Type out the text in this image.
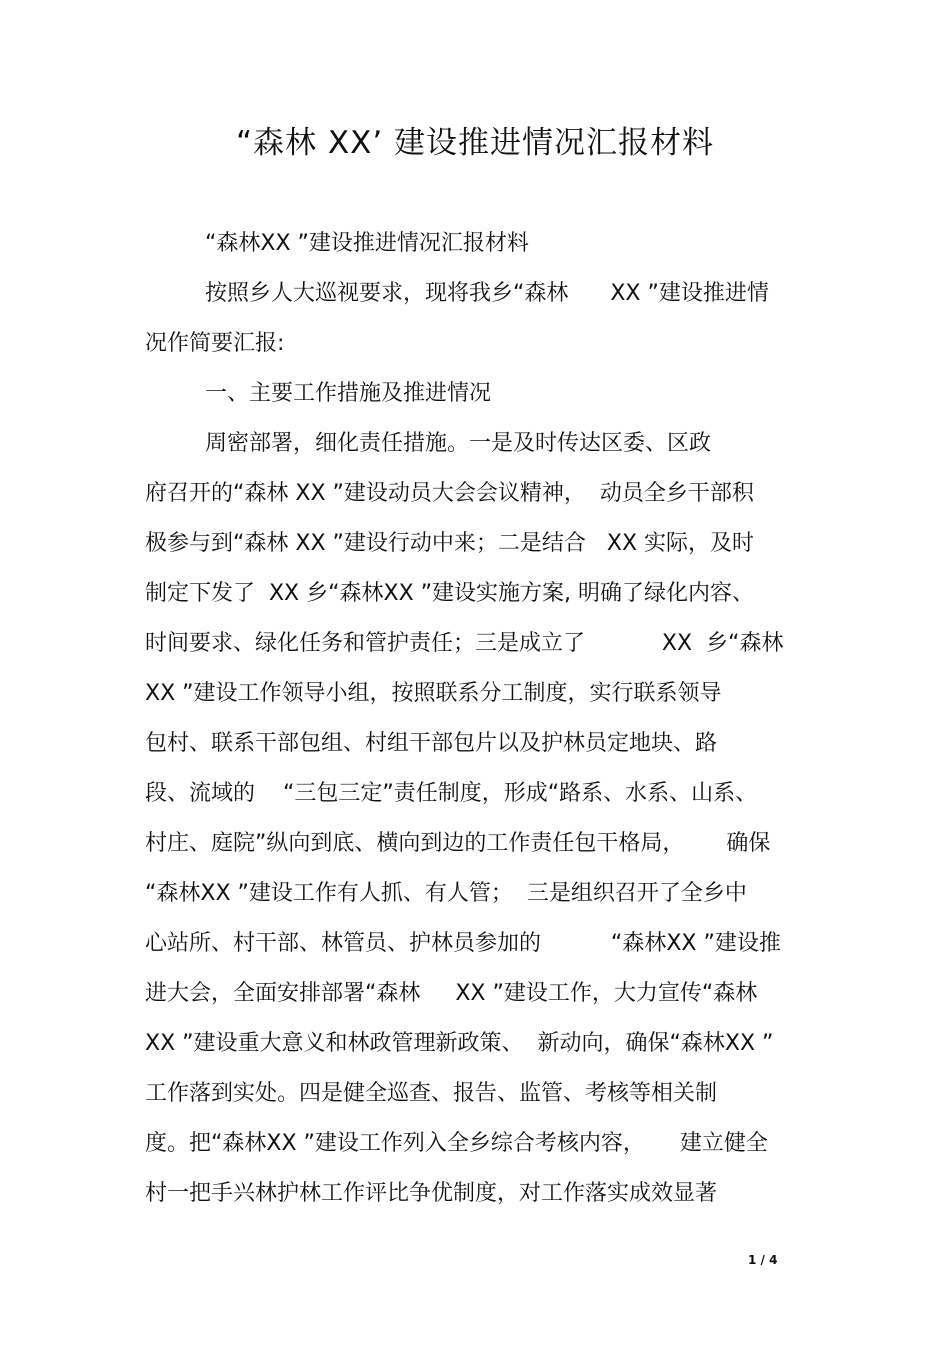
“森林 XX’ 建设推进情况汇报材料
“森林XX ”建设推进情况汇报材料
按照乡人大巡视要求，现将我乡“森林      XX ”建设推进情
况作简要汇报:
一、主要工作措施及推进情况
周密部署，细化责任措施。一是及时传达区委、区政
府召开的“森林 XX ”建设动员大会会议精神，  动员全乡干部积
极参与到“森林 XX ”建设行动中来；二是结合   XX 实际，及时
制定下发了  XX 乡“森林XX ”建设实施方案, 明确了绿化内容、
时间要求、绿化任务和管护责任；三是成立了           XX  乡“森林
XX ”建设工作领导小组，按照联系分工制度，实行联系领导
包村、联系干部包组、村组干部包片以及护林员定地块、路
段、流域的    “三包三定”责任制度，形成“路系、水系、山系、
村庄、庭院”纵向到底、横向到边的工作责任包干格局，      确保
“森林XX ”建设工作有人抓、有人管；  三是组织召开了全乡中
心站所、村干部、林管员、护林员参加的          “森林XX ”建设推
进大会，全面安排部署“森林     XX ”建设工作，大力宣传“森林
XX ”建设重大意义和林政管理新政策、  新动向，确保“森林XX ”
工作落到实处。四是健全巡查、报告、监管、考核等相关制
度。把“森林XX ”建设工作列入全乡综合考核内容，     建立健全
村一把手兴林护林工作评比争优制度，对工作落实成效显著
1 / 4
